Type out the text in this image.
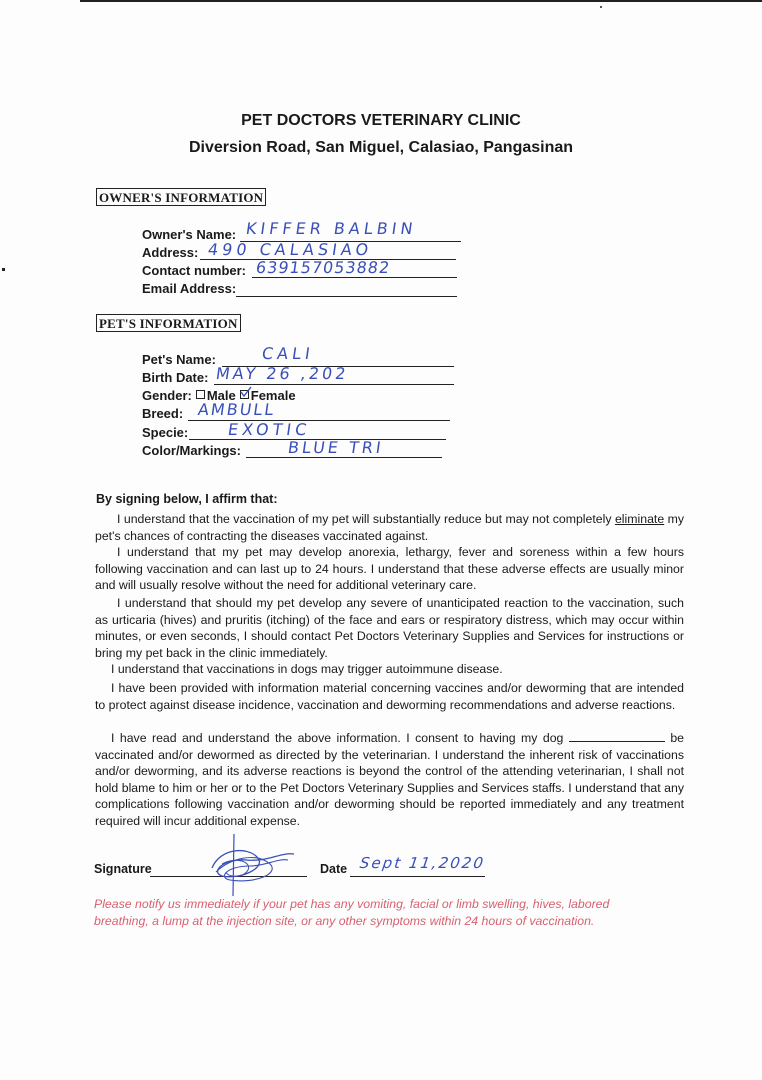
PET DOCTORS VETERINARY CLINIC
Diversion Road, San Miguel, Calasiao, Pangasinan
OWNER'S INFORMATION
Owner's Name: KIFFER BALBIN
Address: 490 CALASIAO
Contact number: 639157053882
Email Address:
PET'S INFORMATION
Pet's Name:	CALI
Birth Date: MAY 26 ,202
Gender: Male Female
Breed: AMBULL
Specie: EXOTIC
Color/Markings:	BLUE TRI
By signing below, I affirm that:
I understand that the vaccination of my pet will substantially reduce but may not completely eliminate my pet's chances of contracting the diseases vaccinated against.
I understand that my pet may develop anorexia, lethargy, fever and soreness within a few hours following vaccination and can last up to 24 hours. I understand that these adverse effects are usually minor and will usually resolve without the need for additional veterinary care.
I understand that should my pet develop any severe of unanticipated reaction to the vaccination, such as urticaria (hives) and pruritis (itching) of the face and ears or respiratory distress, which may occur within minutes, or even seconds, I should contact Pet Doctors Veterinary Supplies and Services for instructions or bring my pet back in the clinic immediately.
I understand that vaccinations in dogs may trigger autoimmune disease.
I have been provided with information material concerning vaccines and/or deworming that are intended to protect against disease incidence, vaccination and deworming recommendations and adverse reactions.
I have read and understand the above information. I consent to having my dog	be vaccinated and/or dewormed as directed by the veterinarian. I understand the inherent risk of vaccinations and/or deworming, and its adverse reactions is beyond the control of the attending veterinarian, I shall not hold blame to him or her or to the Pet Doctors Veterinary Supplies and Services staffs. I understand that any complications following vaccination and/or deworming should be reported immediately and any treatment required will incur additional expense.
Signature	Date Sept 11,2020
Please notify us immediately if your pet has any vomiting, facial or limb swelling, hives, labored breathing, a lump at the injection site, or any other symptoms within 24 hours of vaccination.
